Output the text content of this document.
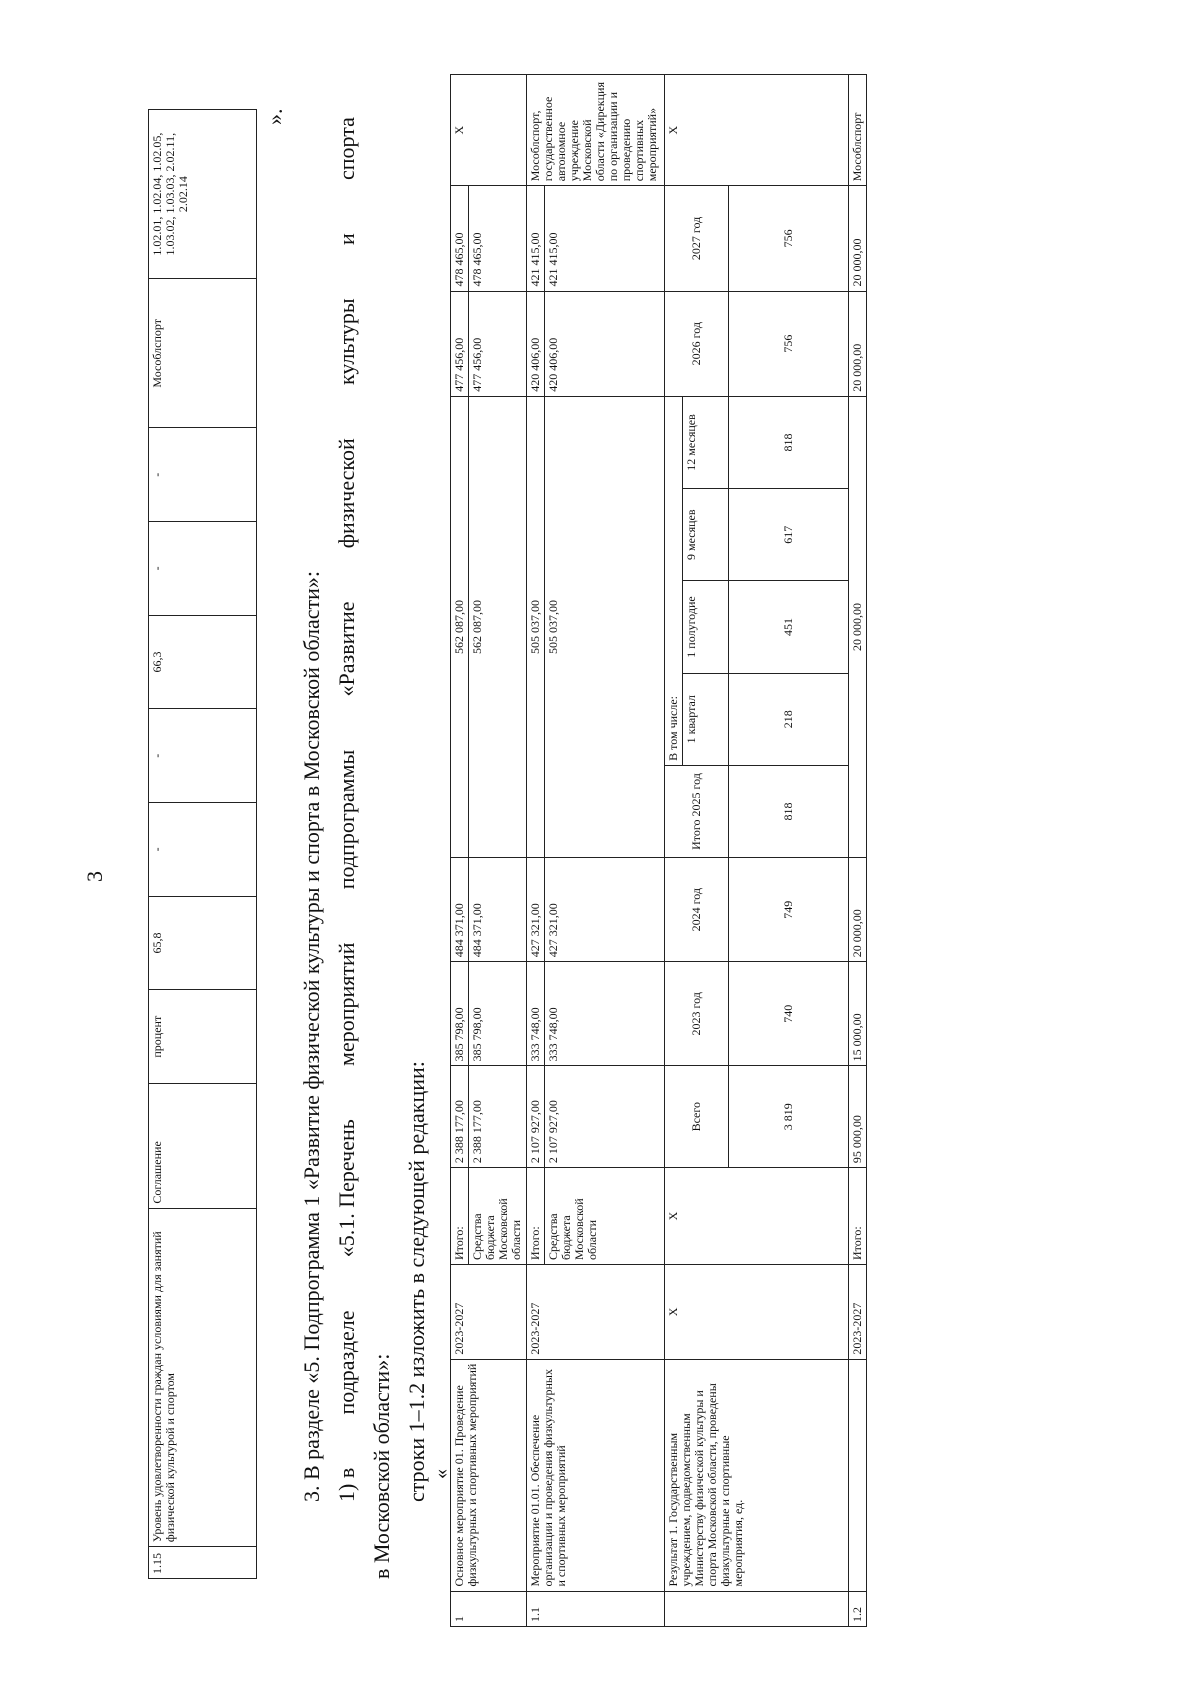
3
1.15	Уровень удовлетворенности граждан условиями для занятий физической культурой и спортом	Соглашение	процент	65,8	-	-	66,3	-	-	Мособлспорт	1.02.01, 1.02.04, 1.02.05, 1.03.02, 1.03.03, 2.02.11, 2.02.14
».
3. В разделе «5. Подпрограмма 1 «Развитие физической культуры и спорта в Московской области»: 1) в
подразделе
«5.1. Перечень
мероприятий
подпрограммы
«Развитие
физической
культуры
и
спорта
в Московской области»: строки 1–1.2 изложить в следующей редакции: «
1	Основное мероприятие 01. Проведение физкультурных и спортивных мероприятий	2023-2027	Итого:	2 388 177,00	385 798,00	484 371,00	562 087,00					477 456,00	478 465,00	Х
			Средства бюджета Московской области	2 388 177,00	385 798,00	484 371,00	562 087,00					477 456,00	478 465,00	
1.1	Мероприятие 01.01. Обеспечение организации и проведения физкультурных и спортивных мероприятий	2023-2027	Итого:	2 107 927,00	333 748,00	427 321,00	505 037,00					420 406,00	421 415,00	Мособлспорт, государственное автономное учреждение Московской области «Дирекция по организации и проведению спортивных мероприятий»
			Средства бюджета Московской области	2 107 927,00	333 748,00	427 321,00	505 037,00					420 406,00	421 415,00	
	Результат 1. Государственным учреждением, подведомственным Министерству физической культуры и спорта Московской области, проведены физкультурные и спортивные мероприятия, ед.	Х	Х	Всего	2023 год	2024 год	Итого 2025 год	В том числе:				2026 год	2027 год	Х
								1 квартал	1 полугодие	9 месяцев	12 месяцев			
				3 819	740	749	818	218	451	617	818	756	756	
1.2		2023-2027	Итого:	95 000,00	15 000,00	20 000,00	20 000,00					20 000,00	20 000,00	Мособлспорт
